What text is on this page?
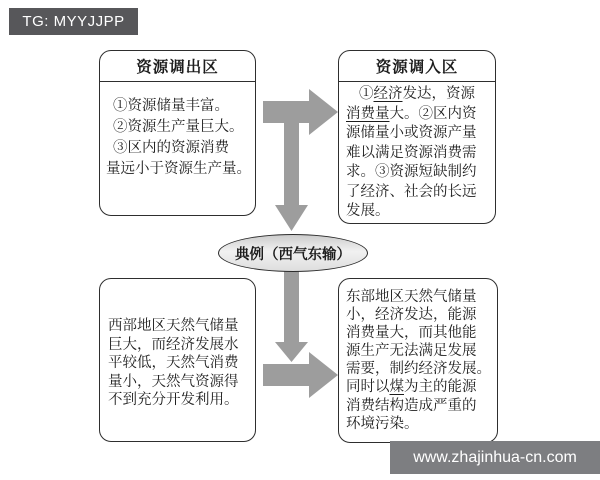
TG: MYYJJPP
资源调出区
①资源储量丰富。
②资源生产量巨大。
③区内的资源消费
量远小于资源生产量。
资源调入区
①经济发达，资源
消费量大。②区内资
源储量小或资源产量
难以满足资源消费需
求。③资源短缺制约
了经济、社会的长远
发展。
典例（西气东输）
西部地区天然气储量
巨大，而经济发展水
平较低，天然气消费
量小，天然气资源得
不到充分开发利用。
东部地区天然气储量
小，经济发达，能源
消费量大，而其他能
源生产无法满足发展
需要，制约经济发展。
同时以煤为主的能源
消费结构造成严重的
环境污染。
www.zhajinhua-cn.com
